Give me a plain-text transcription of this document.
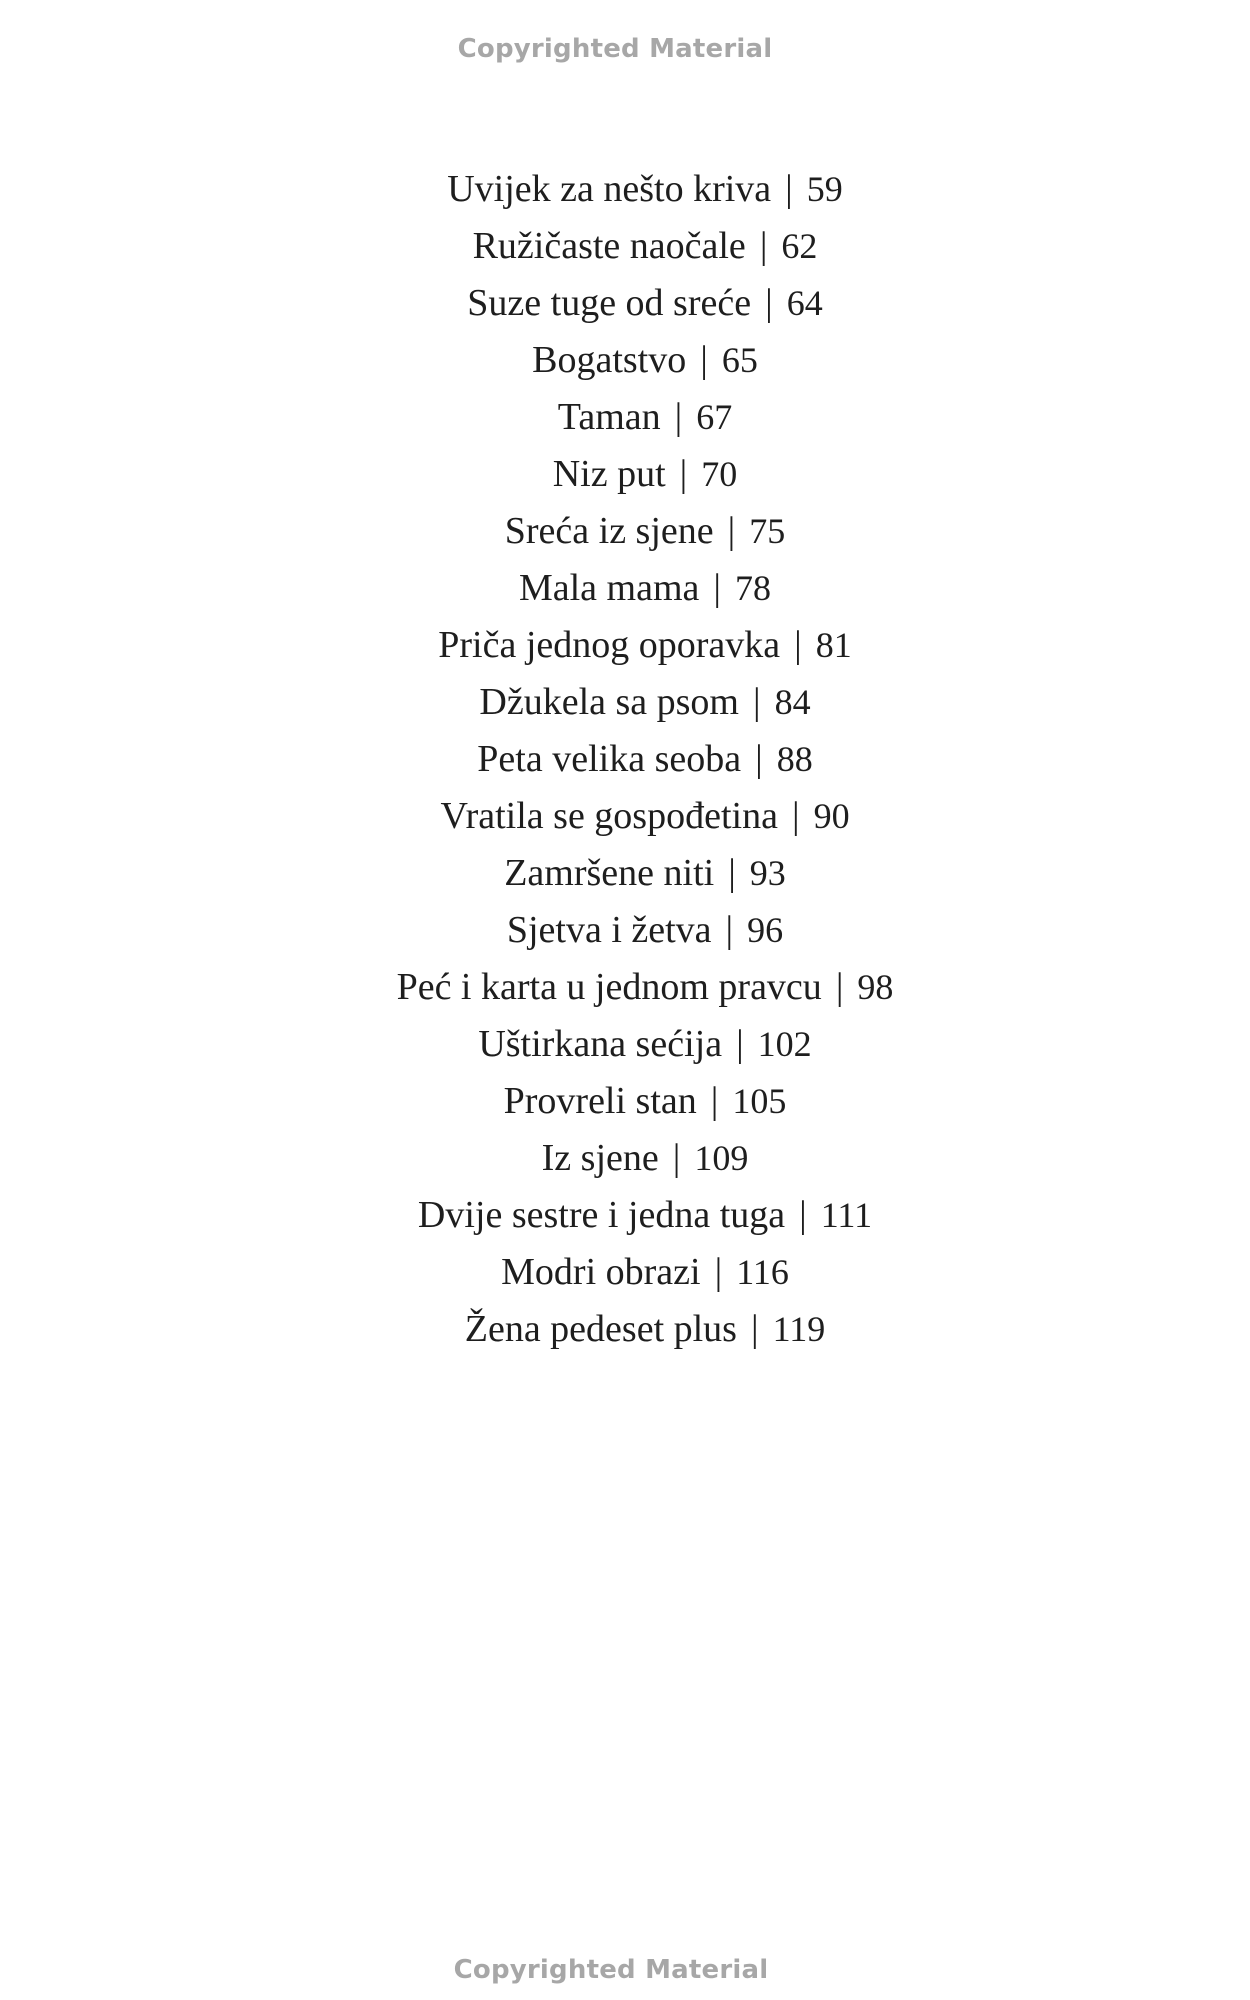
Copyrighted Material
Uvijek za nešto kriva | 59
Ružičaste naočale | 62
Suze tuge od sreće | 64
Bogatstvo | 65
Taman | 67
Niz put | 70
Sreća iz sjene | 75
Mala mama | 78
Priča jednog oporavka | 81
Džukela sa psom | 84
Peta velika seoba | 88
Vratila se gospođetina | 90
Zamršene niti | 93
Sjetva i žetva | 96
Peć i karta u jednom pravcu | 98
Uštirkana sećija | 102
Provreli stan | 105
Iz sjene | 109
Dvije sestre i jedna tuga | 111
Modri obrazi | 116
Žena pedeset plus | 119
Copyrighted Material
